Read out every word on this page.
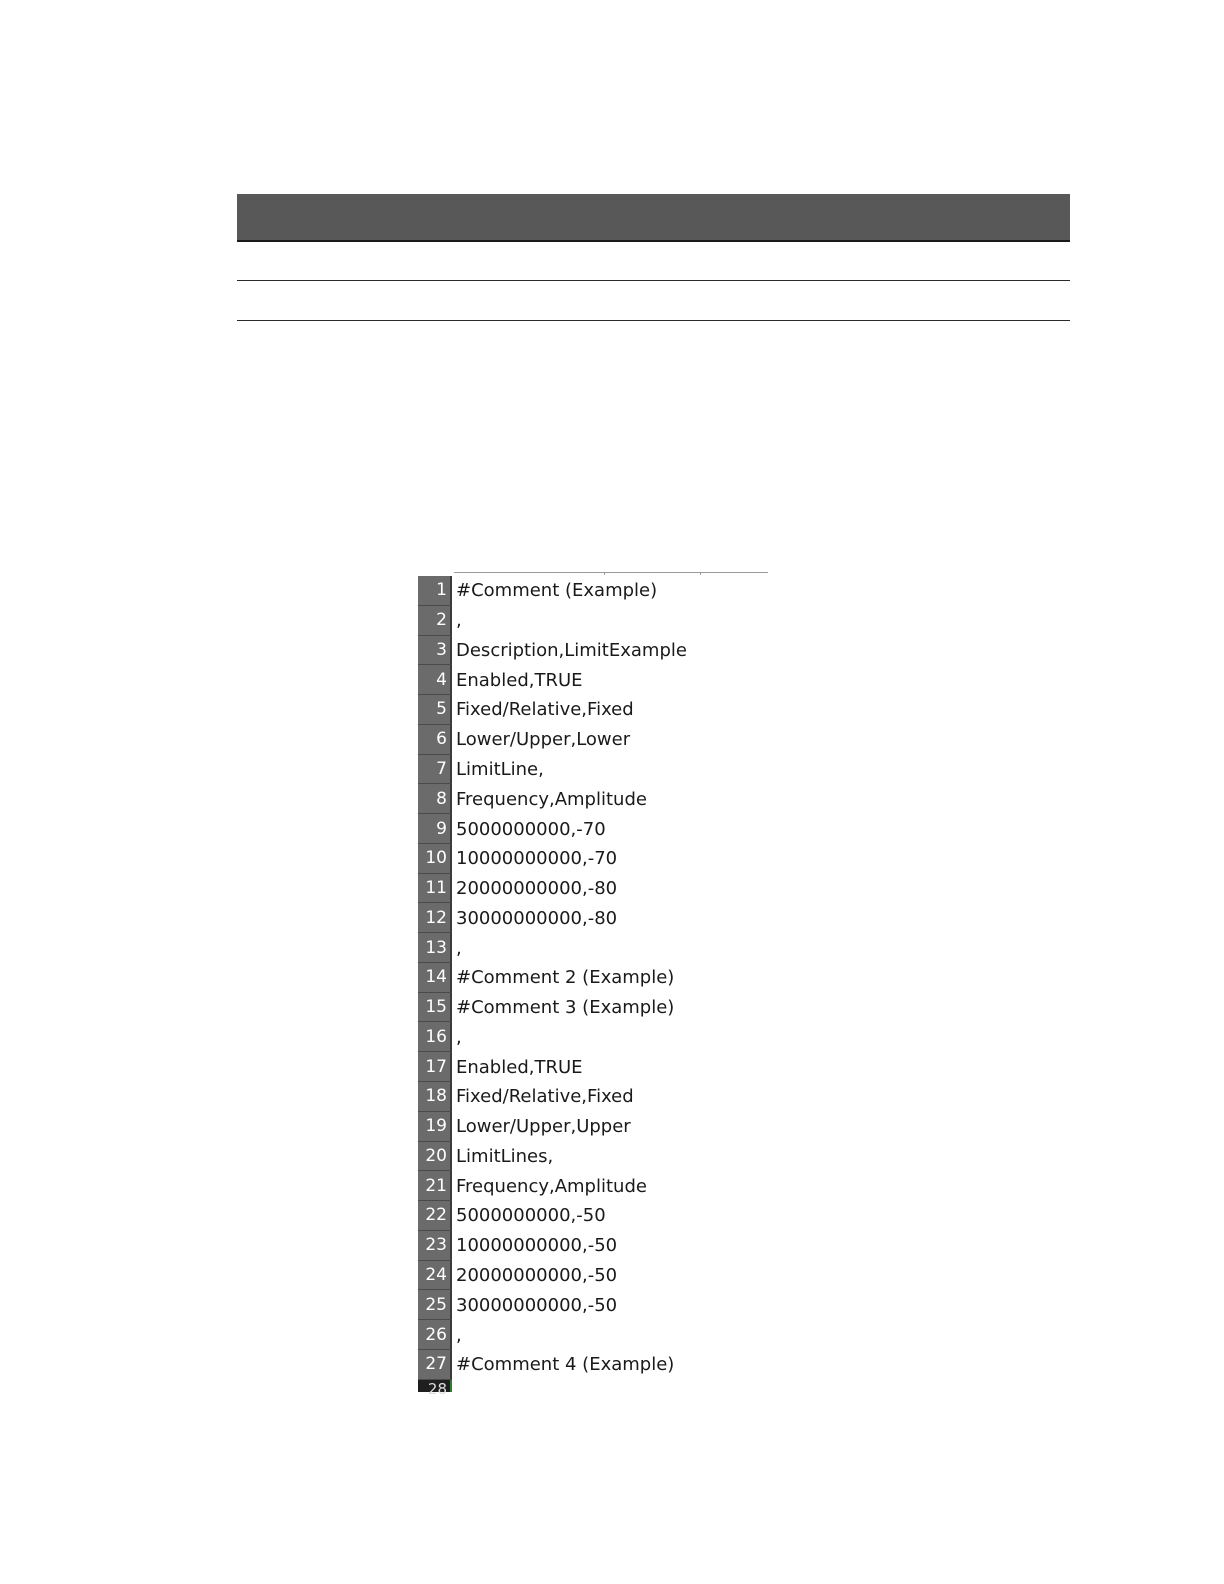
1 #Comment (Example)
2 ,
3 Description,LimitExample
4 Enabled,TRUE
5 Fixed/Relative,Fixed
6 Lower/Upper,Lower
7 LimitLine,
8 Frequency,Amplitude
9 5000000000,-70
10 10000000000,-70
11 20000000000,-80
12 30000000000,-80
13 ,
14 #Comment 2 (Example)
15 #Comment 3 (Example)
16 ,
17 Enabled,TRUE
18 Fixed/Relative,Fixed
19 Lower/Upper,Upper
20 LimitLines,
21 Frequency,Amplitude
22 5000000000,-50
23 10000000000,-50
24 20000000000,-50
25 30000000000,-50
26 ,
27 #Comment 4 (Example)
28
